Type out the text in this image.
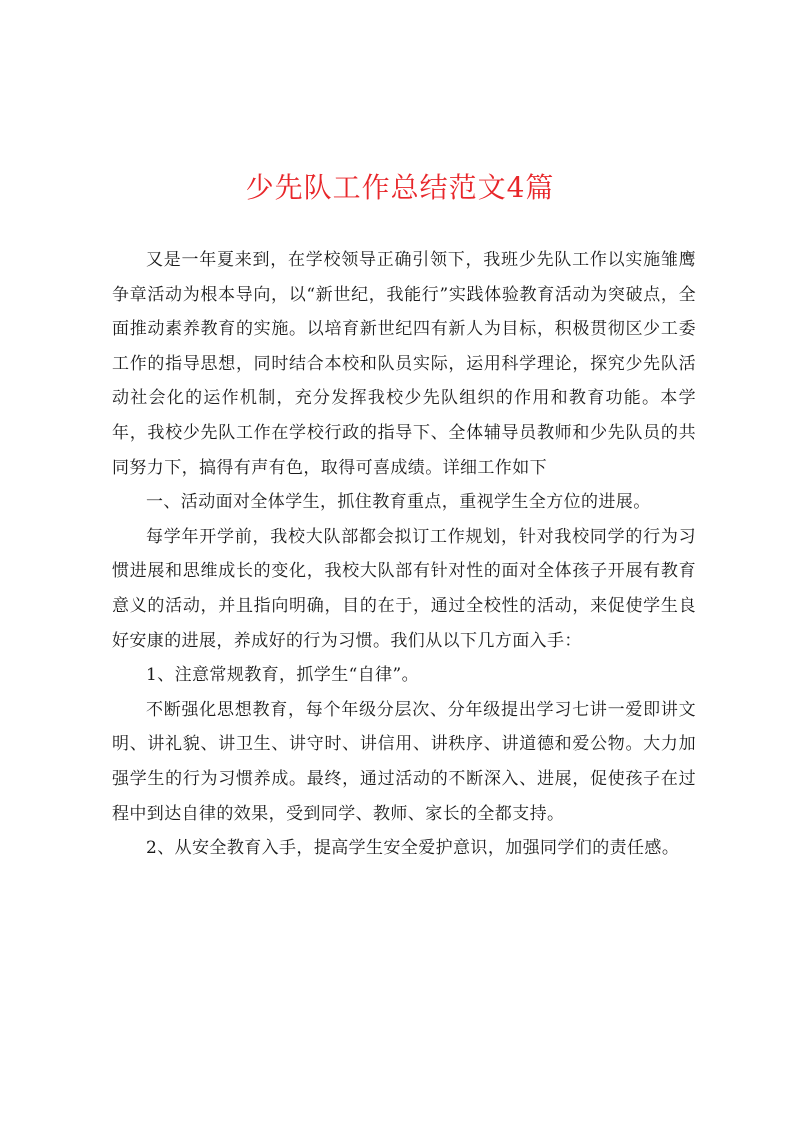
少先队工作总结范文4篇

又是一年夏来到，在学校领导正确引领下，我班少先队工作以实施雏鹰争章活动为根本导向，以“新世纪，我能行”实践体验教育活动为突破点，全面推动素养教育的实施。以培育新世纪四有新人为目标，积极贯彻区少工委工作的指导思想，同时结合本校和队员实际，运用科学理论，探究少先队活动社会化的运作机制，充分发挥我校少先队组织的作用和教育功能。本学年，我校少先队工作在学校行政的指导下、全体辅导员教师和少先队员的共同努力下，搞得有声有色，取得可喜成绩。详细工作如下

一、活动面对全体学生，抓住教育重点，重视学生全方位的进展。

每学年开学前，我校大队部都会拟订工作规划，针对我校同学的行为习惯进展和思维成长的变化，我校大队部有针对性的面对全体孩子开展有教育意义的活动，并且指向明确，目的在于，通过全校性的活动，来促使学生良好安康的进展，养成好的行为习惯。我们从以下几方面入手：

1、注意常规教育，抓学生“自律”。

不断强化思想教育，每个年级分层次、分年级提出学习七讲一爱即讲文明、讲礼貌、讲卫生、讲守时、讲信用、讲秩序、讲道德和爱公物。大力加强学生的行为习惯养成。最终，通过活动的不断深入、进展，促使孩子在过程中到达自律的效果，受到同学、教师、家长的全都支持。

2、从安全教育入手，提高学生安全爱护意识，加强同学们的责任感。
